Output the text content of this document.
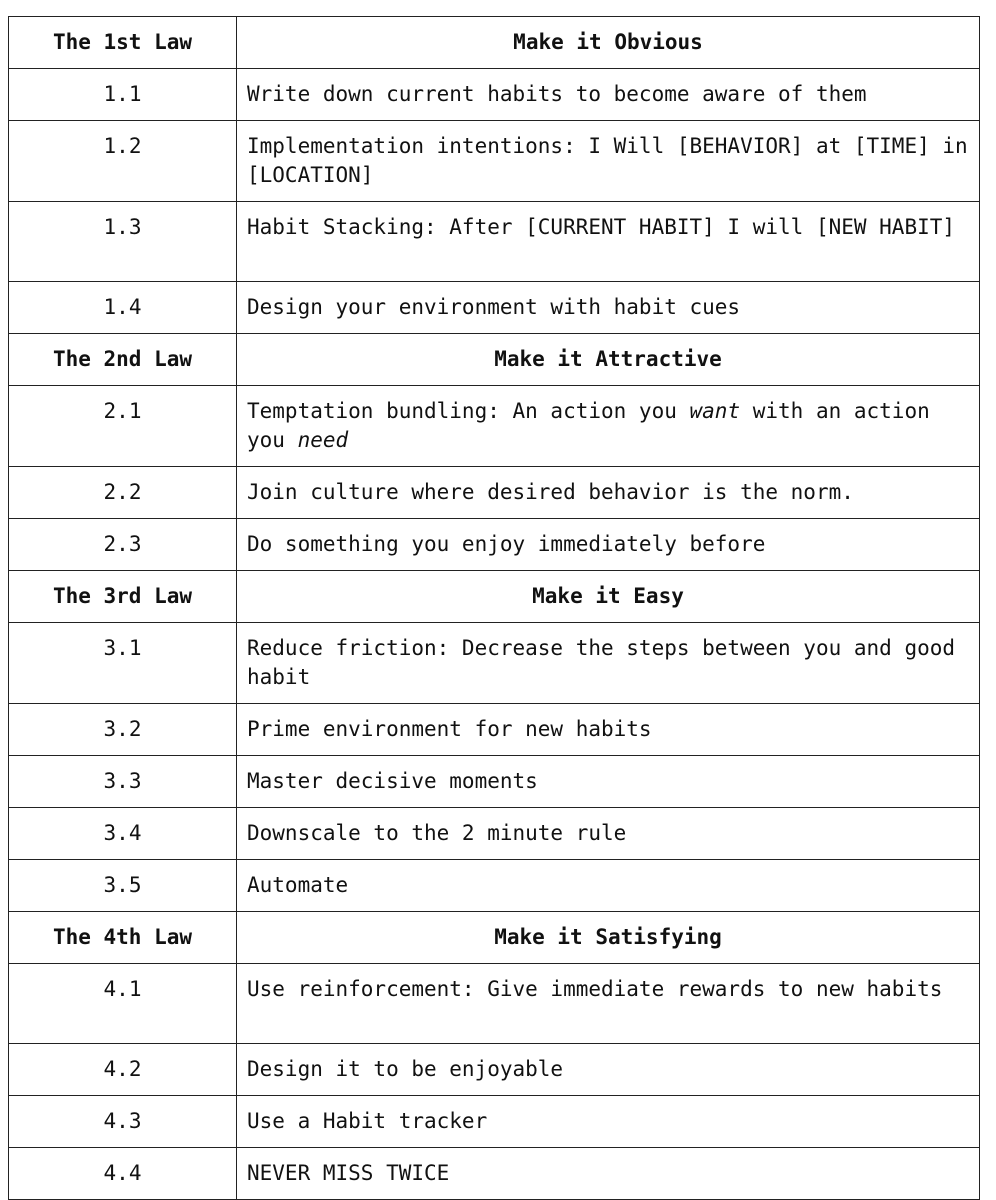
The 1st Law	Make it Obvious
1.1	Write down current habits to become aware of them
1.2	Implementation intentions: I Will [BEHAVIOR] at [TIME] in [LOCATION]
1.3	Habit Stacking: After [CURRENT HABIT] I will [NEW HABIT]
1.4	Design your environment with habit cues
The 2nd Law	Make it Attractive
2.1	Temptation bundling: An action you want with an action you need
2.2	Join culture where desired behavior is the norm.
2.3	Do something you enjoy immediately before
The 3rd Law	Make it Easy
3.1	Reduce friction: Decrease the steps between you and good habit
3.2	Prime environment for new habits
3.3	Master decisive moments
3.4	Downscale to the 2 minute rule
3.5	Automate
The 4th Law	Make it Satisfying
4.1	Use reinforcement: Give immediate rewards to new habits
4.2	Design it to be enjoyable
4.3	Use a Habit tracker
4.4	NEVER MISS TWICE
